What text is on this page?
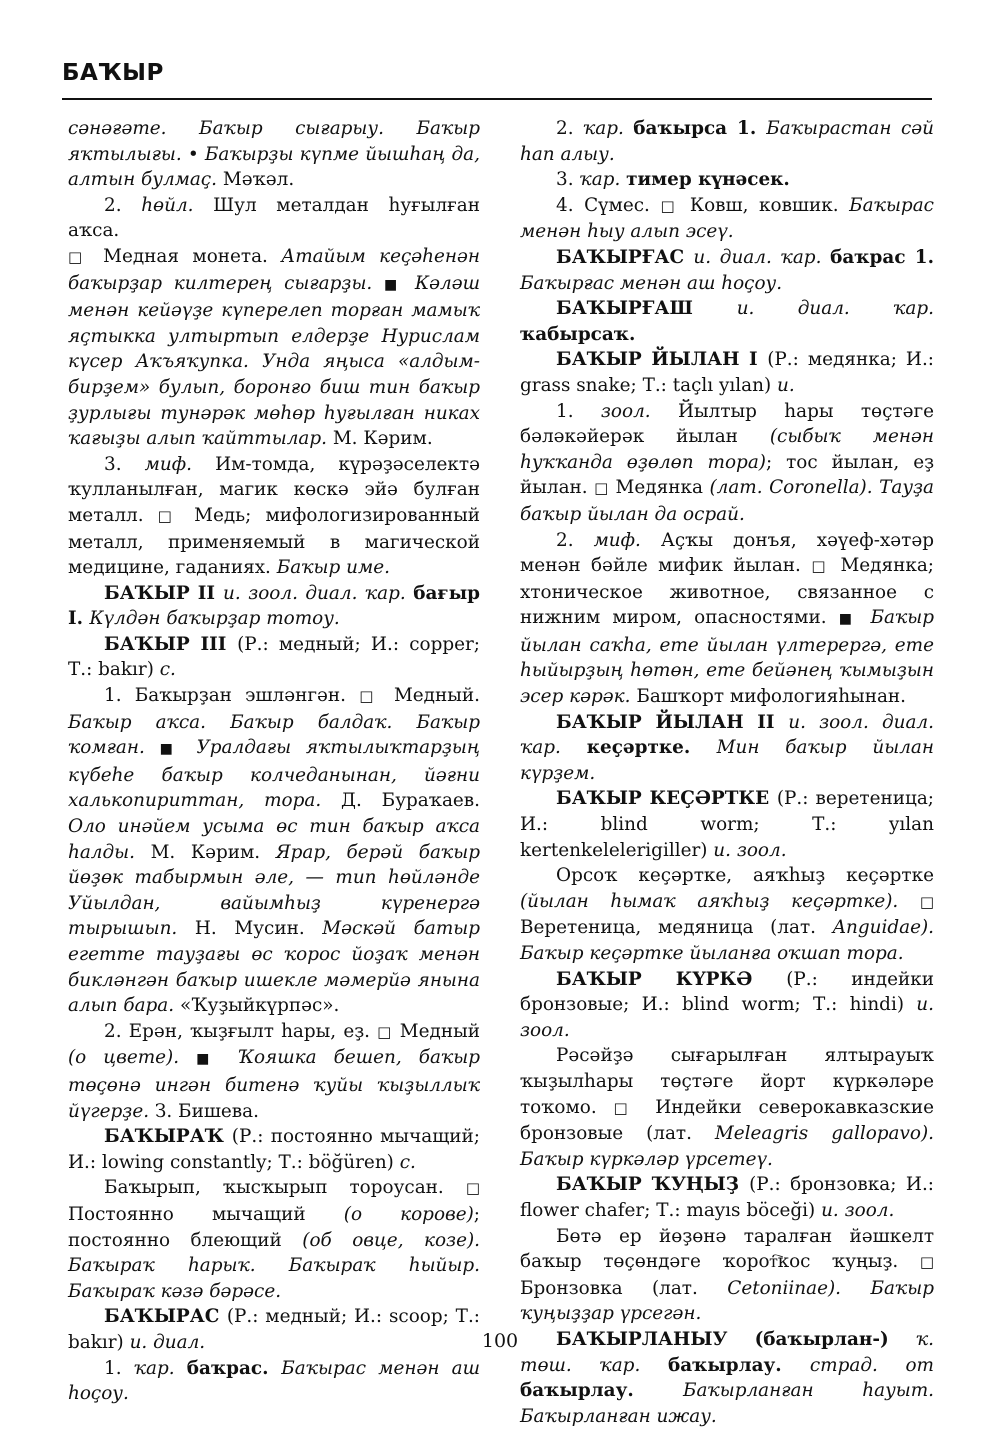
БАҠЫР

сәнәғәте. Баҡыр сығарыу. Баҡыр яҡтылығы. • Баҡырҙы күпме йышһаң да, алтын булмаҫ. Мәҡәл.

2. һөйл. Шул металдан һуғылған аҡса.

□ Медная монета. Атайым кеҫәһенән баҡырҙар килтерең сығарҙы. ■ Кәләш менән кейәүҙе күперелеп торған мамыҡ яҫтыкка ултыртып елдерҙе Нурислам күсер Аҡъяҡупка. Унда яңыса «алдым-бирҙем» булып, боронғо биш тин баҡыр ҙурлығы тунәрәк мөһөр һуғылған никах ҡағыҙы алып ҡайттылар. М. Кәрим.

3. миф. Им-томда, күрәҙәселектә ҡулланылған, магик көскә эйә булған металл. □ Медь; мифологизированный металл, применяемый в магической медицине, гаданиях. Баҡыр име.

БАҠЫР II и. зоол. диал. ҡар. бағыр I. Күлдән баҡырҙар тотоу.

БАҠЫР III (Р.: медный; И.: copper; Т.: bakır) с.

1. Баҡырҙан эшләнгән. □ Медный. Баҡыр аҡса. Баҡыр балдаҡ. Баҡыр ҡомған. ■ Уралдағы яҡтылыҡтарҙың күбеһе баҡыр колчеданынан, йәғни халькопириттан, тора. Д. Бураҡаев. Оло инәйем усыма өс тин баҡыр аҡса һалды. М. Кәрим. Ярар, берәй баҡыр йөҙөк табырмын әле, — тип һөйләнде Уйылдан, вайымһыҙ күренергә тырышып. Н. Мусин. Мәскәй батыр егетте тауҙағы өс ҡорос йоҙаҡ менән бикләнгән баҡыр ишекле мәмерйә янына алып бара. «Ҡуҙыйкүрпәс».

2. Ерән, ҡыҙғылт һары, еҙ. □ Медный (о цвете). ■ Ҡояшка бешеп, баҡыр төҫөнә ингән битенә ҡуйы ҡыҙыллыҡ йүгерҙе. З. Бишева.

БАҠЫРАҠ (Р.: постоянно мычащий; И.: lowing constantly; Т.: böğüren) с.

Баҡырып, ҡысҡырып тороусан. □ Постоянно мычащий (о корове); постоянно блеющий (об овце, козе). Баҡыраҡ һарыҡ. Баҡыраҡ һыйыр. Баҡыраҡ кәзә бәрәсе.

БАҠЫРАС (Р.: медный; И.: scoop; Т.: bakır) и. диал.

1. ҡар. баҡрас. Баҡырас менән аш һоҫоу.

2. ҡар. баҡырса 1. Баҡырастан сәй һап алыу.

3. ҡар. тимер күнәсек.

4. Сүмес. □ Ковш, ковшик. Баҡырас менән һыу алып эсеү.

БАҠЫРҒАС и. диал. ҡар. баҡрас 1. Баҡырғас менән аш һоҫоу.

БАҠЫРҒАШ и. диал. ҡар. ҡабырсаҡ.

БАҠЫР ЙЫЛАН I (Р.: медянка; И.: grass snake; Т.: taçlı yılan) и.

1. зоол. Йылтыр һары төҫтәге бәләкәйерәк йылан (сыбыҡ менән һуҡҡанда өҙөлөп тора); тос йылан, еҙ йылан. □ Медянка (лат. Coronella). Тауҙа баҡыр йылан да осрай.

2. миф. Аҫҡы донъя, хәүеф-хәтәр менән бәйле мифик йылан. □ Медянка; хтоническое животное, связанное с нижним миром, опасностями. ■ Баҡыр йылан саҡһа, ете йылан үлтерергә, ете һыйырҙың һөтөн, ете бейәнең ҡымыҙын эсер кәрәк. Башҡорт мифологияһынан.

БАҠЫР ЙЫЛАН II и. зоол. диал. ҡар. кеҫәртке. Мин баҡыр йылан күрҙем.

БАҠЫР КЕҪӘРТКЕ (Р.: веретеница; И.: blind worm; Т.: yılan kertenkelelerigiller) и. зоол.

Орсоҡ кеҫәртке, аяҡһыҙ кеҫәртке (йылан һымаҡ аяҡһыҙ кеҫәртке). □ Веретеница, медяница (лат. Anguidae). Баҡыр кеҫәртке йыланға оҡшап тора.

БАҠЫР КҮРКӘ (Р.: индейки бронзовые; И.: blind worm; Т.: hindi) и. зоол.

Рәсәйҙә сығарылған ялтырауыҡ ҡыҙылһары төҫтәге йорт күркәләре тоҡомо. □ Индейки северокавказские бронзовые (лат. Meleagris gallopavo). Баҡыр күркәләр үрсетеү.

БАҠЫР ҠУҢЫҘ (Р.: бронзовка; И.: flower chafer; Т.: mayıs böceği) и. зоол.

Бөтә ер йөҙөнә таралған йәшкелт баҡыр төҫөндәге ҡорот҇кос ҡуңыҙ. □ Бронзовка (лат. Cetoniinae). Баҡыр ҡуңыҙҙар үрсегән.

БАҠЫРЛАНЫУ (баҡырлан-) ҡ. төш. ҡар. баҡырлау. страд. от баҡырлау. Баҡырланған һауыт. Баҡырланған ижау.

100
